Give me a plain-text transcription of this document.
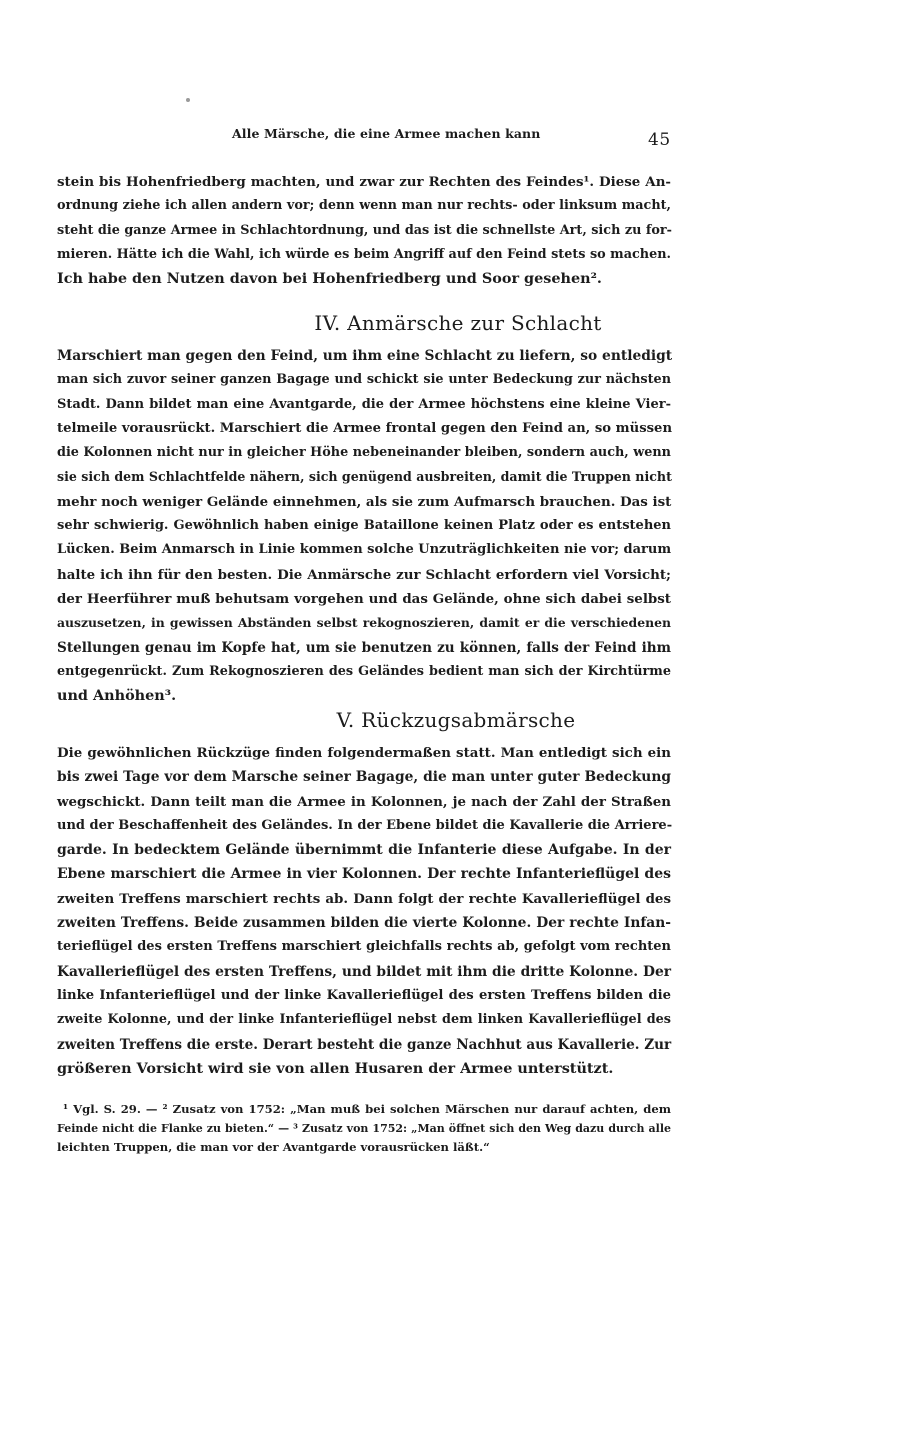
Alle Märsche, die eine Armee machen kann	45
stein bis Hohenfriedberg machten, und zwar zur Rechten des Feindes¹. Diese An-
ordnung ziehe ich allen andern vor; denn wenn man nur rechts- oder linksum macht,
steht die ganze Armee in Schlachtordnung, und das ist die schnellste Art, sich zu for-
mieren. Hätte ich die Wahl, ich würde es beim Angriff auf den Feind stets so machen.
Ich habe den Nutzen davon bei Hohenfriedberg und Soor gesehen².
IV. Anmärsche zur Schlacht
Marschiert man gegen den Feind, um ihm eine Schlacht zu liefern, so entledigt
man sich zuvor seiner ganzen Bagage und schickt sie unter Bedeckung zur nächsten
Stadt. Dann bildet man eine Avantgarde, die der Armee höchstens eine kleine Vier-
telmeile vorausrückt. Marschiert die Armee frontal gegen den Feind an, so müssen
die Kolonnen nicht nur in gleicher Höhe nebeneinander bleiben, sondern auch, wenn
sie sich dem Schlachtfelde nähern, sich genügend ausbreiten, damit die Truppen nicht
mehr noch weniger Gelände einnehmen, als sie zum Aufmarsch brauchen. Das ist
sehr schwierig. Gewöhnlich haben einige Bataillone keinen Platz oder es entstehen
Lücken. Beim Anmarsch in Linie kommen solche Unzuträglichkeiten nie vor; darum
halte ich ihn für den besten. Die Anmärsche zur Schlacht erfordern viel Vorsicht;
der Heerführer muß behutsam vorgehen und das Gelände, ohne sich dabei selbst
auszusetzen, in gewissen Abständen selbst rekognoszieren, damit er die verschiedenen
Stellungen genau im Kopfe hat, um sie benutzen zu können, falls der Feind ihm
entgegenrückt. Zum Rekognoszieren des Geländes bedient man sich der Kirchtürme
und Anhöhen³.
V. Rückzugsabmärsche
Die gewöhnlichen Rückzüge finden folgendermaßen statt. Man entledigt sich ein
bis zwei Tage vor dem Marsche seiner Bagage, die man unter guter Bedeckung
wegschickt. Dann teilt man die Armee in Kolonnen, je nach der Zahl der Straßen
und der Beschaffenheit des Geländes. In der Ebene bildet die Kavallerie die Arriere-
garde. In bedecktem Gelände übernimmt die Infanterie diese Aufgabe. In der
Ebene marschiert die Armee in vier Kolonnen. Der rechte Infanterieflügel des
zweiten Treffens marschiert rechts ab. Dann folgt der rechte Kavallerieflügel des
zweiten Treffens. Beide zusammen bilden die vierte Kolonne. Der rechte Infan-
terieflügel des ersten Treffens marschiert gleichfalls rechts ab, gefolgt vom rechten
Kavallerieflügel des ersten Treffens, und bildet mit ihm die dritte Kolonne. Der
linke Infanterieflügel und der linke Kavallerieflügel des ersten Treffens bilden die
zweite Kolonne, und der linke Infanterieflügel nebst dem linken Kavallerieflügel des
zweiten Treffens die erste. Derart besteht die ganze Nachhut aus Kavallerie. Zur
größeren Vorsicht wird sie von allen Husaren der Armee unterstützt.
¹ Vgl. S. 29. — ² Zusatz von 1752: „Man muß bei solchen Märschen nur darauf achten, dem
Feinde nicht die Flanke zu bieten.“ — ³ Zusatz von 1752: „Man öffnet sich den Weg dazu durch alle
leichten Truppen, die man vor der Avantgarde vorausrücken läßt.“
